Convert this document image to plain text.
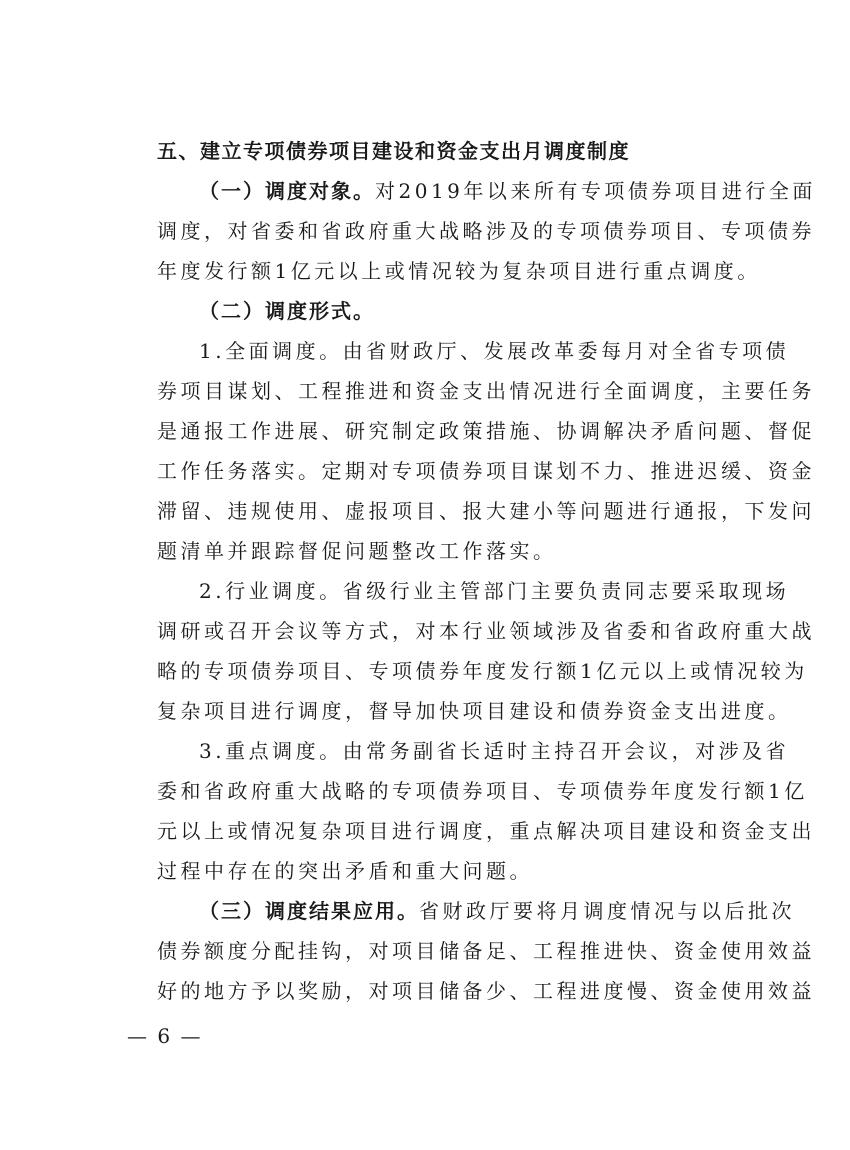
五、建立专项债券项目建设和资金支出月调度制度
（一）调度对象。对2019年以来所有专项债券项目进行全面
调度，对省委和省政府重大战略涉及的专项债券项目、专项债券
年度发行额1亿元以上或情况较为复杂项目进行重点调度。
（二）调度形式。
1.全面调度。由省财政厅、发展改革委每月对全省专项债
券项目谋划、工程推进和资金支出情况进行全面调度，主要任务
是通报工作进展、研究制定政策措施、协调解决矛盾问题、督促
工作任务落实。定期对专项债券项目谋划不力、推进迟缓、资金
滞留、违规使用、虚报项目、报大建小等问题进行通报，下发问
题清单并跟踪督促问题整改工作落实。
2.行业调度。省级行业主管部门主要负责同志要采取现场
调研或召开会议等方式，对本行业领域涉及省委和省政府重大战
略的专项债券项目、专项债券年度发行额1亿元以上或情况较为
复杂项目进行调度，督导加快项目建设和债券资金支出进度。
3.重点调度。由常务副省长适时主持召开会议，对涉及省
委和省政府重大战略的专项债券项目、专项债券年度发行额1亿
元以上或情况复杂项目进行调度，重点解决项目建设和资金支出
过程中存在的突出矛盾和重大问题。
（三）调度结果应用。省财政厅要将月调度情况与以后批次
债券额度分配挂钩，对项目储备足、工程推进快、资金使用效益
好的地方予以奖励，对项目储备少、工程进度慢、资金使用效益
— 6 —
